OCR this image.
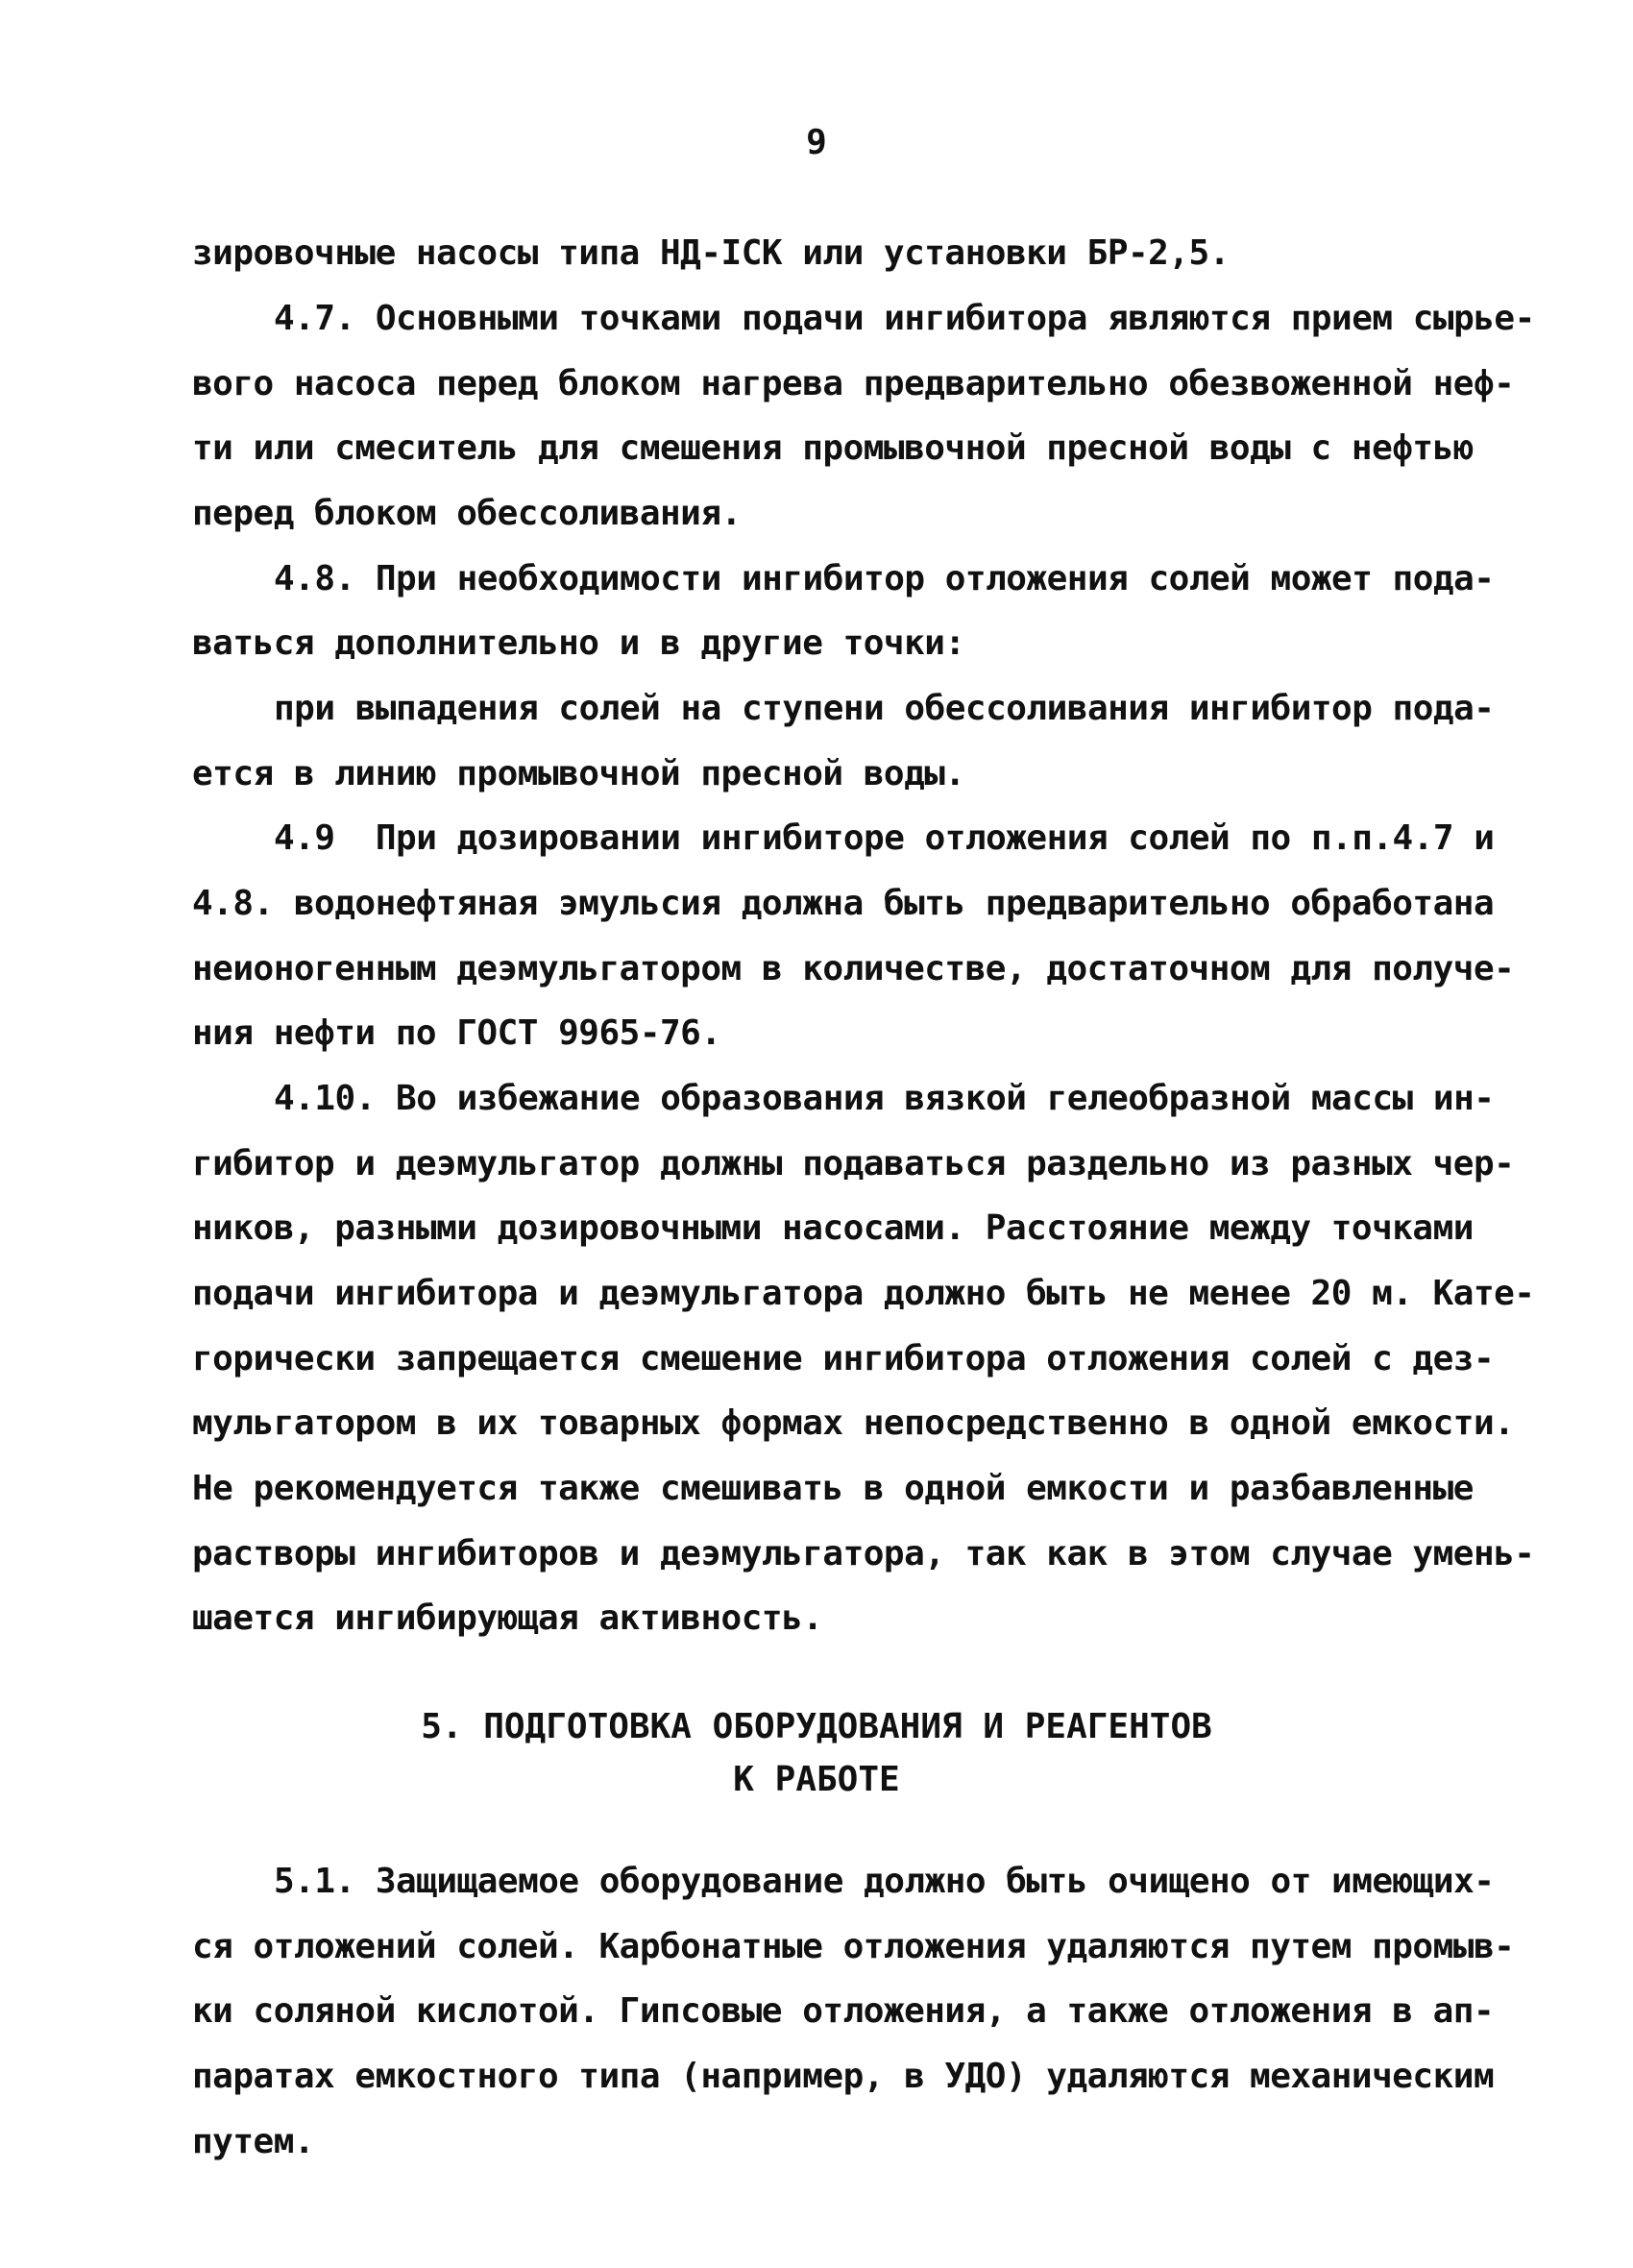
9
зировочные насосы типа НД-ICK или установки БР-2,5.
4.7. Основными точками подачи ингибитора являются прием сырье-
вого насоса перед блоком нагрева предварительно обезвоженной неф-
ти или смеситель для смешения промывочной пресной воды с нефтью
перед блоком обессоливания.
4.8. При необходимости ингибитор отложения солей может пода-
ваться дополнительно и в другие точки:
при выпадения солей на ступени обессоливания ингибитор пода-
ется в линию промывочной пресной воды.
4.9  При дозировании ингибиторе отложения солей по п.п.4.7 и
4.8. водонефтяная эмульсия должна быть предварительно обработана
неионогенным деэмульгатором в количестве, достаточном для получе-
ния нефти по ГОСТ 9965-76.
4.10. Во избежание образования вязкой гелеобразной массы ин-
гибитор и деэмульгатор должны подаваться раздельно из разных чер-
ников, разными дозировочными насосами. Расстояние между точками
подачи ингибитора и деэмульгатора должно быть не менее 20 м. Кате-
горически запрещается смешение ингибитора отложения солей с дез-
мульгатором в их товарных формах непосредственно в одной емкости.
Не рекомендуется также смешивать в одной емкости и разбавленные
растворы ингибиторов и деэмульгатора, так как в этом случае умень-
шается ингибирующая активность.
5. ПОДГОТОВКА ОБОРУДОВАНИЯ И РЕАГЕНТОВ
К РАБОТЕ
5.1. Защищаемое оборудование должно быть очищено от имеющих-
ся отложений солей. Карбонатные отложения удаляются путем промыв-
ки соляной кислотой. Гипсовые отложения, а также отложения в ап-
паратах емкостного типа (например, в УДО) удаляются механическим
путем.
